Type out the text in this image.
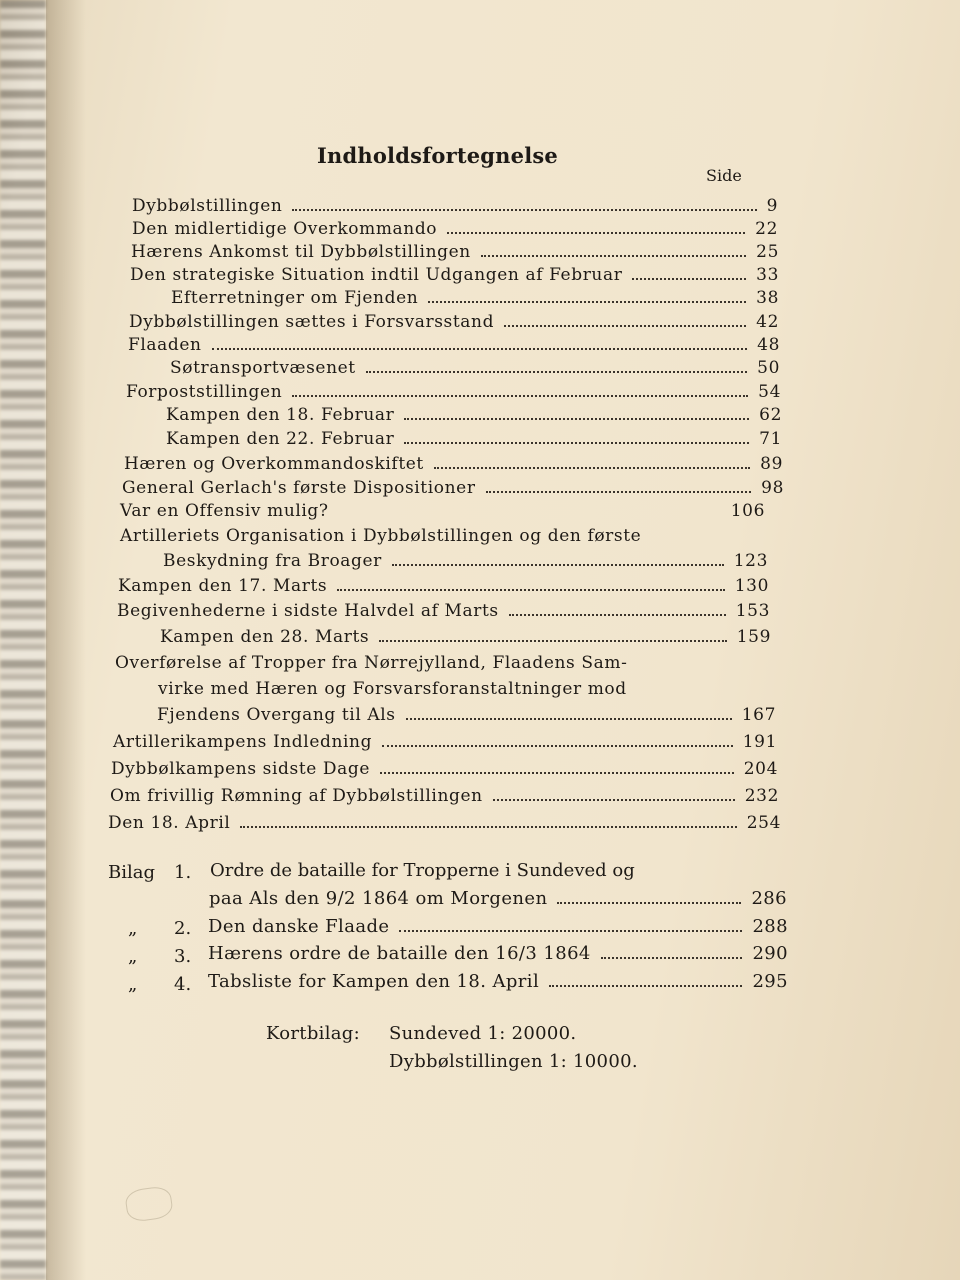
Indholdsfortegnelse
Side
Dybbølstillingen	9
Den midlertidige Overkommando	22
Hærens Ankomst til Dybbølstillingen	25
Den strategiske Situation indtil Udgangen af Februar	33
Efterretninger om Fjenden	38
Dybbølstillingen sættes i Forsvarsstand	42
Flaaden	48
Søtransportvæsenet	50
Forpoststillingen	54
Kampen den 18. Februar	62
Kampen den 22. Februar	71
Hæren og Overkommandoskiftet	89
General Gerlach's første Dispositioner	98
Var en Offensiv mulig?	106
Artilleriets Organisation i Dybbølstillingen og den første
Beskydning fra Broager	123
Kampen den 17. Marts	130
Begivenhederne i sidste Halvdel af Marts	153
Kampen den 28. Marts	159
Overførelse af Tropper fra Nørrejylland, Flaadens Sam-
virke med Hæren og Forsvarsforanstaltninger mod
Fjendens Overgang til Als	167
Artillerikampens Indledning	191
Dybbølkampens sidste Dage	204
Om frivillig Rømning af Dybbølstillingen	232
Den 18. April	254
Bilag 1. Ordre de bataille for Tropperne i Sundeved og
paa Als den 9/2 1864 om Morgenen	286
„ 2. Den danske Flaade	288
„ 3. Hærens ordre de bataille den 16/3 1864	290
„ 4. Tabsliste for Kampen den 18. April	295
Kortbilag: Sundeved 1: 20000.
Dybbølstillingen 1: 10000.
